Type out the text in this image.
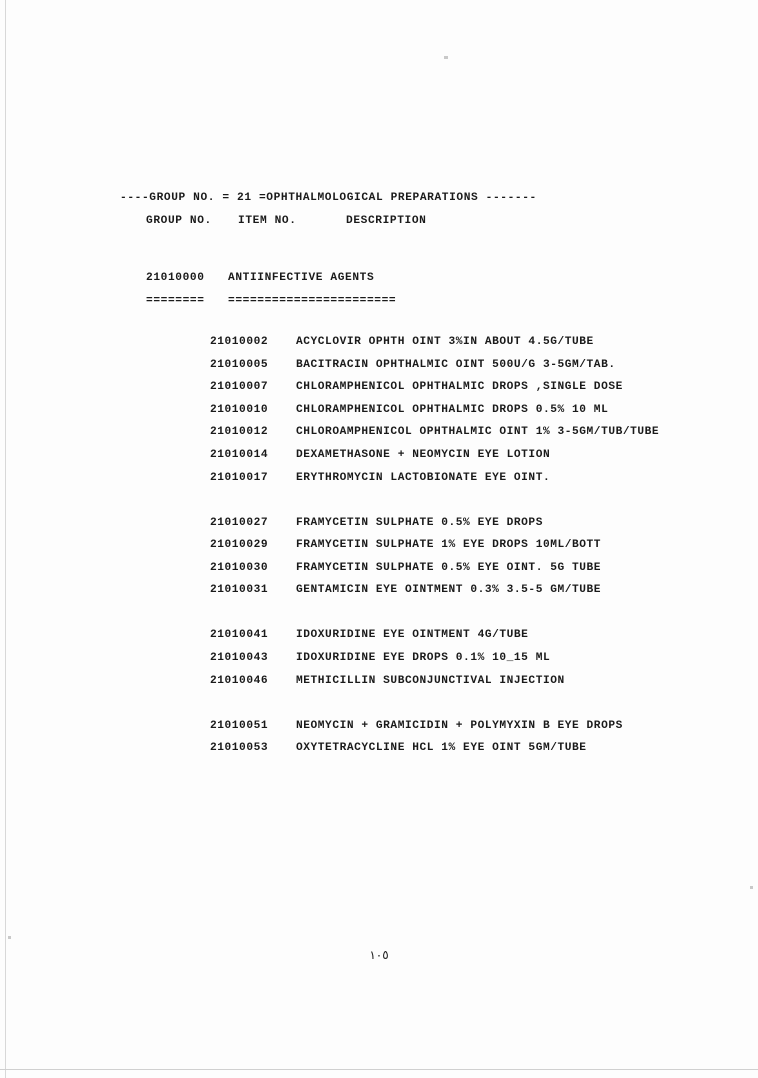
----GROUP NO. = 21 =OPHTHALMOLOGICAL PREPARATIONS -------
GROUP NO. ITEM NO.	DESCRIPTION
21010000 ANTIINFECTIVE AGENTS
======== =======================
21010002 ACYCLOVIR OPHTH OINT 3%IN ABOUT 4.5G/TUBE
21010005 BACITRACIN OPHTHALMIC OINT 500U/G 3-5GM/TAB.
21010007 CHLORAMPHENICOL OPHTHALMIC DROPS ,SINGLE DOSE
21010010 CHLORAMPHENICOL OPHTHALMIC DROPS 0.5% 10 ML
21010012 CHLOROAMPHENICOL OPHTHALMIC OINT 1% 3-5GM/TUB/TUBE
21010014 DEXAMETHASONE + NEOMYCIN EYE LOTION
21010017 ERYTHROMYCIN LACTOBIONATE EYE OINT.
21010027 FRAMYCETIN SULPHATE 0.5% EYE DROPS
21010029 FRAMYCETIN SULPHATE 1% EYE DROPS 10ML/BOTT
21010030 FRAMYCETIN SULPHATE 0.5% EYE OINT. 5G TUBE
21010031 GENTAMICIN EYE OINTMENT 0.3% 3.5-5 GM/TUBE
21010041 IDOXURIDINE EYE OINTMENT 4G/TUBE
21010043 IDOXURIDINE EYE DROPS 0.1% 10_15 ML
21010046 METHICILLIN SUBCONJUNCTIVAL INJECTION
21010051 NEOMYCIN + GRAMICIDIN + POLYMYXIN B EYE DROPS
21010053 OXYTETRACYCLINE HCL 1% EYE OINT 5GM/TUBE
١٠٥
